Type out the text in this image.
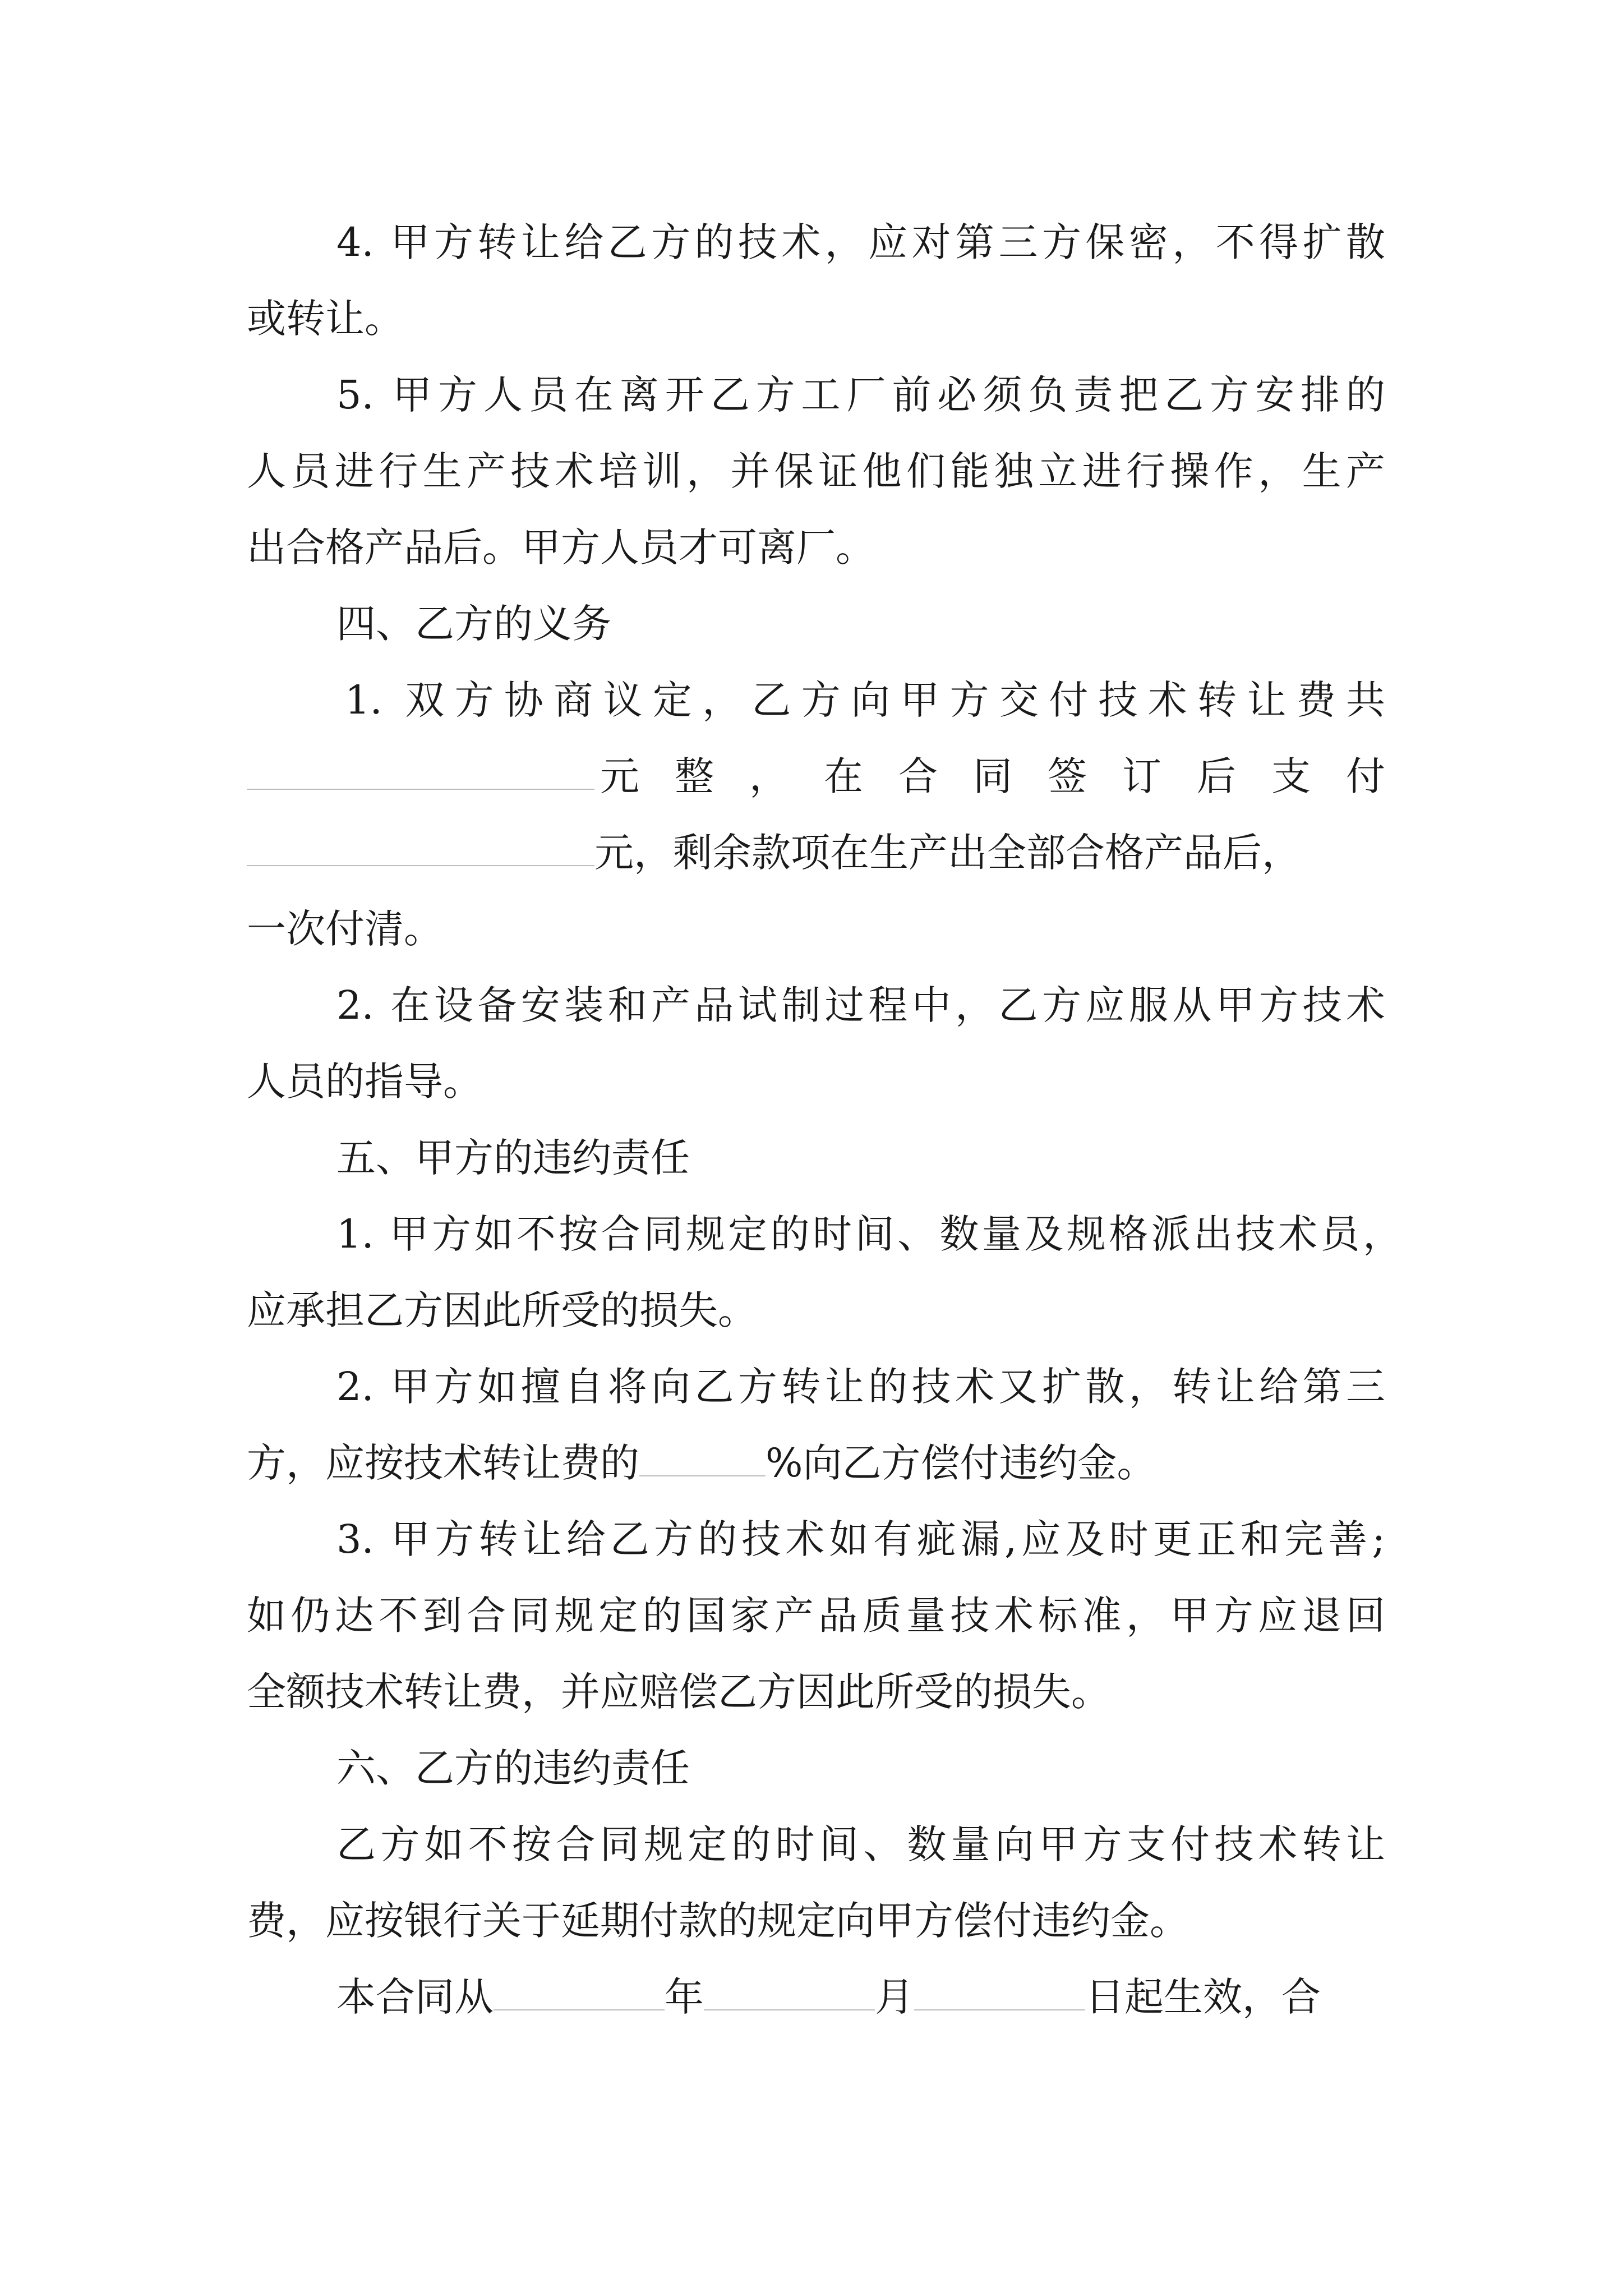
4. 甲方转让给乙方的技术，应对第三方保密，不得扩散
或转让。
5. 甲方人员在离开乙方工厂前必须负责把乙方安排的
人员进行生产技术培训，并保证他们能独立进行操作，生产
出合格产品后。甲方人员才可离厂。
四、乙方的义务
1. 双方协商议定，乙方向甲方交付技术转让费共
元 整 ， 在 合 同 签 订 后 支 付
元，剩余款项在生产出全部合格产品后，
一次付清。
2. 在设备安装和产品试制过程中，乙方应服从甲方技术
人员的指导。
五、甲方的违约责任
1. 甲方如不按合同规定的时间、数量及规格派出技术员，
应承担乙方因此所受的损失。
2. 甲方如擅自将向乙方转让的技术又扩散，转让给第三
方，应按技术转让费的	%向乙方偿付违约金。
3. 甲方转让给乙方的技术如有疵漏,应及时更正和完善;
如仍达不到合同规定的国家产品质量技术标准，甲方应退回
全额技术转让费，并应赔偿乙方因此所受的损失。
六、乙方的违约责任
乙方如不按合同规定的时间、数量向甲方支付技术转让
费，应按银行关于延期付款的规定向甲方偿付违约金。
本合同从	年	月	日起生效，合
